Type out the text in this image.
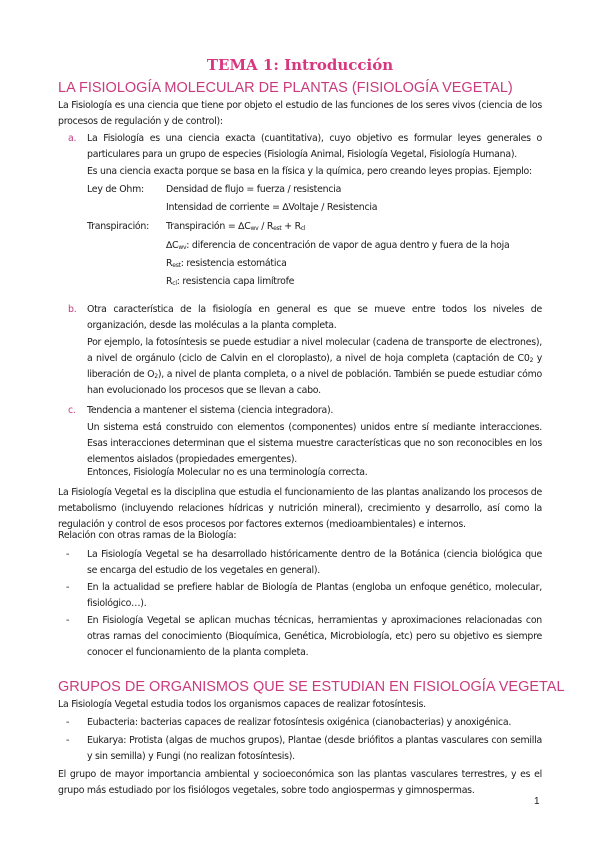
TEMA 1: Introducción
LA FISIOLOGÍA MOLECULAR DE PLANTAS (FISIOLOGÍA VEGETAL)
La Fisiología es una ciencia que tiene por objeto el estudio de las funciones de los seres vivos (ciencia de los procesos de regulación y de control):
a. La Fisiología es una ciencia exacta (cuantitativa), cuyo objetivo es formular leyes generales o particulares para un grupo de especies (Fisiología Animal, Fisiología Vegetal, Fisiología Humana).
Es una ciencia exacta porque se basa en la física y la química, pero creando leyes propias. Ejemplo:
Ley de Ohm: Densidad de flujo = fuerza / resistencia
Intensidad de corriente = ∆Voltaje / Resistencia
Transpiración: Transpiración = $\Delta C_{wv} / R_{est} + R_{cl}$
$\Delta C_{wv}$: diferencia de concentración de vapor de agua dentro y fuera de la hoja
$R_{est}$: resistencia estomática
$R_{cl}$: resistencia capa limítrofe
b. Otra característica de la fisiología en general es que se mueve entre todos los niveles de organización, desde las moléculas a la planta completa.
Por ejemplo, la fotosíntesis se puede estudiar a nivel molecular (cadena de transporte de electrones), a nivel de orgánulo (ciclo de Calvin en el cloroplasto), a nivel de hoja completa (captación de $C0_2$ y liberación de $O_2$), a nivel de planta completa, o a nivel de población. También se puede estudiar cómo han evolucionado los procesos que se llevan a cabo.
c. Tendencia a mantener el sistema (ciencia integradora).
Un sistema está construido con elementos (componentes) unidos entre sí mediante interacciones. Esas interacciones determinan que el sistema muestre características que no son reconocibles en los elementos aislados (propiedades emergentes).
Entonces, Fisiología Molecular no es una terminología correcta.
La Fisiología Vegetal es la disciplina que estudia el funcionamiento de las plantas analizando los procesos de metabolismo (incluyendo relaciones hídricas y nutrición mineral), crecimiento y desarrollo, así como la regulación y control de esos procesos por factores externos (medioambientales) e internos.
Relación con otras ramas de la Biología:
- La Fisiología Vegetal se ha desarrollado históricamente dentro de la Botánica (ciencia biológica que se encarga del estudio de los vegetales en general).
- En la actualidad se prefiere hablar de Biología de Plantas (engloba un enfoque genético, molecular, fisiológico…).
- En Fisiología Vegetal se aplican muchas técnicas, herramientas y aproximaciones relacionadas con otras ramas del conocimiento (Bioquímica, Genética, Microbiología, etc) pero su objetivo es siempre conocer el funcionamiento de la planta completa.
GRUPOS DE ORGANISMOS QUE SE ESTUDIAN EN FISIOLOGÍA VEGETAL
La Fisiología Vegetal estudia todos los organismos capaces de realizar fotosíntesis.
- Eubacteria: bacterias capaces de realizar fotosíntesis oxigénica (cianobacterias) y anoxigénica.
- Eukarya: Protista (algas de muchos grupos), Plantae (desde briófitos a plantas vasculares con semilla y sin semilla) y Fungi (no realizan fotosíntesis).
El grupo de mayor importancia ambiental y socioeconómica son las plantas vasculares terrestres, y es el grupo más estudiado por los fisiólogos vegetales, sobre todo angiospermas y gimnospermas.
1
